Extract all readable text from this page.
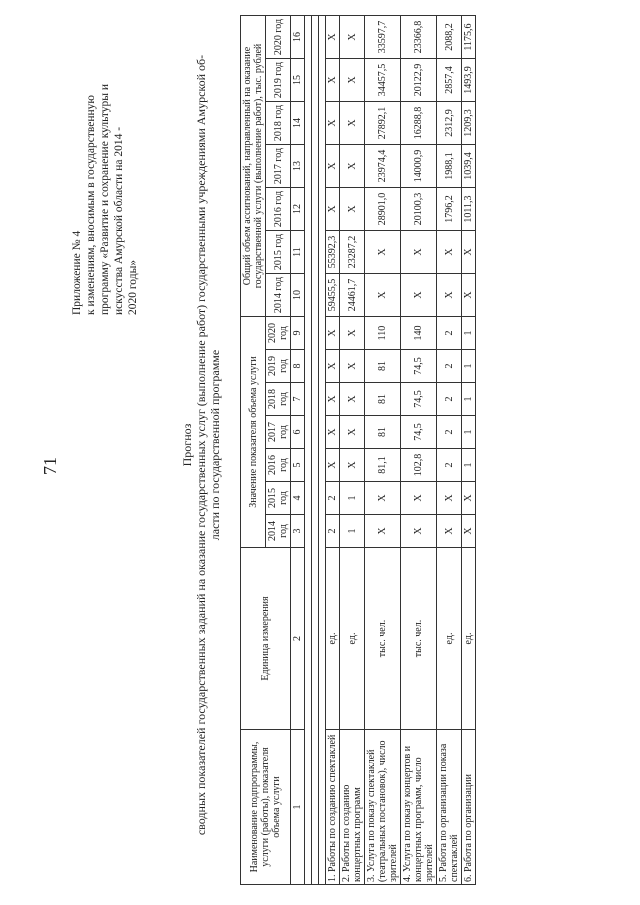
71
Приложение № 4 к изменениям, вносимым в государственную программу «Развитие и сохранение культуры и искусства Амурской области на 2014 - 2020 годы»
Прогноз сводных показателей государственных заданий на оказание государственных услуг (выполнение работ) государственными учреждениями Амурской об- ласти по государственной программе
Наименование подпрограммы, услуги (работы), показателя объема услуги	Единица измерения	Значение показателя объема услуги							Общий объем ассигнований, направленный на оказание государственной услуги (выполнение работ), тыс. рублей						
		2014 год	2015 год	2016 год	2017 год	2018 год	2019 год	2020 год	2014 год	2015 год	2016 год	2017 год	2018 год	2019 год	2020 год
1	2	3	4	5	6	7	8	9	10	11	12	13	14	15	16

1. Работы по созданию спектаклей	ед.	2	2	X	X	X	X	X	59455,5	55392,3	X	X	X	X	X
2. Работы по созданию концертных программ	ед.	1	1	X	X	X	X	X	24461,7	23287,2	X	X	X	X	X
3. Услуга по показу спектаклей (театральных постановок), число зрителей	тыс. чел.	X	X	81,1	81	81	81	110	X	X	28901,0	23974,4	27892,1	34457,5	33597,7
4. Услуга по показу концертов и концертных программ, число зрителей	тыс. чел.	X	X	102,8	74,5	74,5	74,5	140	X	X	20100,3	14000,9	16288,8	20122,9	23366,8
5. Работа по организации показа спектаклей	ед.	X	X	2	2	2	2	2	X	X	1796,2	1988,1	2312,9	2857,4	2088,2
6. Работа по организации	ед.	X	X	1	1	1	1	1	X	X	1011,3	1039,4	1209,3	1493,9	1175,6
